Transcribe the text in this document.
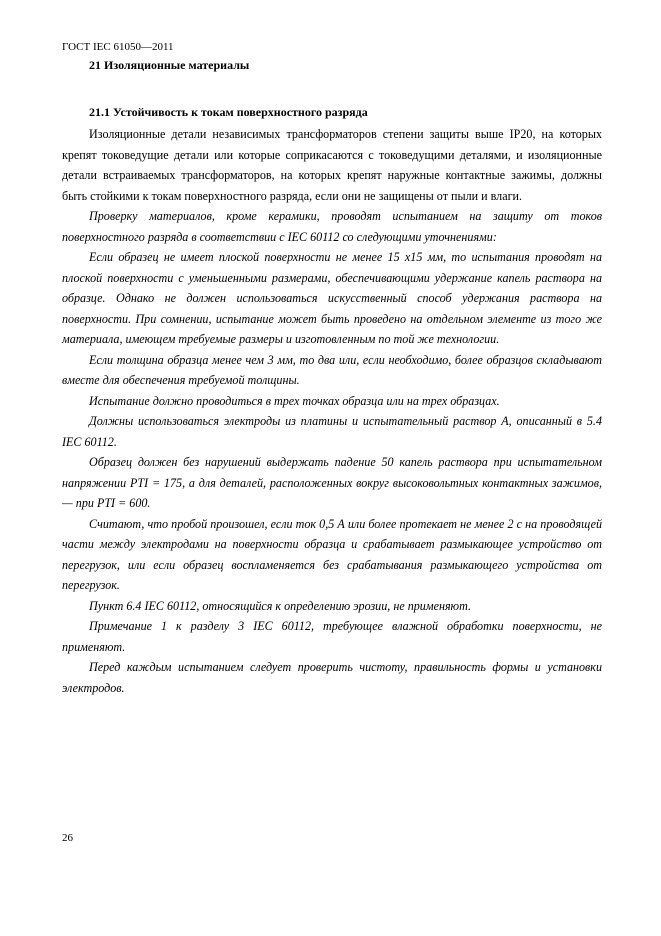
ГОСТ IEC 61050—2011
21 Изоляционные материалы
21.1 Устойчивость к токам поверхностного разряда

Изоляционные детали независимых трансформаторов степени защиты выше IP20, на которых крепят токоведущие детали или которые соприкасаются с токоведущими деталями, и изоляционные детали встраиваемых трансформаторов, на которых крепят наружные контактные зажимы, должны быть стойкими к токам поверхностного разряда, если они не защищены от пыли и влаги.

Проверку материалов, кроме керамики, проводят испытанием на защиту от токов поверхностного разряда в соответствии с IEC 60112 со следующими уточнениями:

Если образец не имеет плоской поверхности не менее 15 x15 мм, то испытания проводят на плоской поверхности с уменьшенными размерами, обеспечивающими удержание капель раствора на образце. Однако не должен использоваться искусственный способ удержания раствора на поверхности. При сомнении, испытание может быть проведено на отдельном элементе из того же материала, имеющем требуемые размеры и изготовленным по той же технологии.

Если толщина образца менее чем 3 мм, то два или, если необходимо, более образцов складывают вместе для обеспечения требуемой толщины.

Испытание должно проводиться в трех точках образца или на трех образцах.

Должны использоваться электроды из платины и испытательный раствор А, описанный в 5.4 IEC 60112.

Образец должен без нарушений выдержать падение 50 капель раствора при испытательном напряжении PTI = 175, а для деталей, расположенных вокруг высоковольтных контактных зажимов, — при PTI = 600.

Считают, что пробой произошел, если ток 0,5 А или более протекает не менее 2 с на проводящей части между электродами на поверхности образца и срабатывает размыкающее устройство от перегрузок, или если образец воспламеняется без срабатывания размыкающего устройства от перегрузок.

Пункт 6.4 IEC 60112, относящийся к определению эрозии, не применяют.

Примечание 1 к разделу 3 IEC 60112, требующее влажной обработки поверхности, не применяют.

Перед каждым испытанием следует проверить чистоту, правильность формы и установки электродов.

26
